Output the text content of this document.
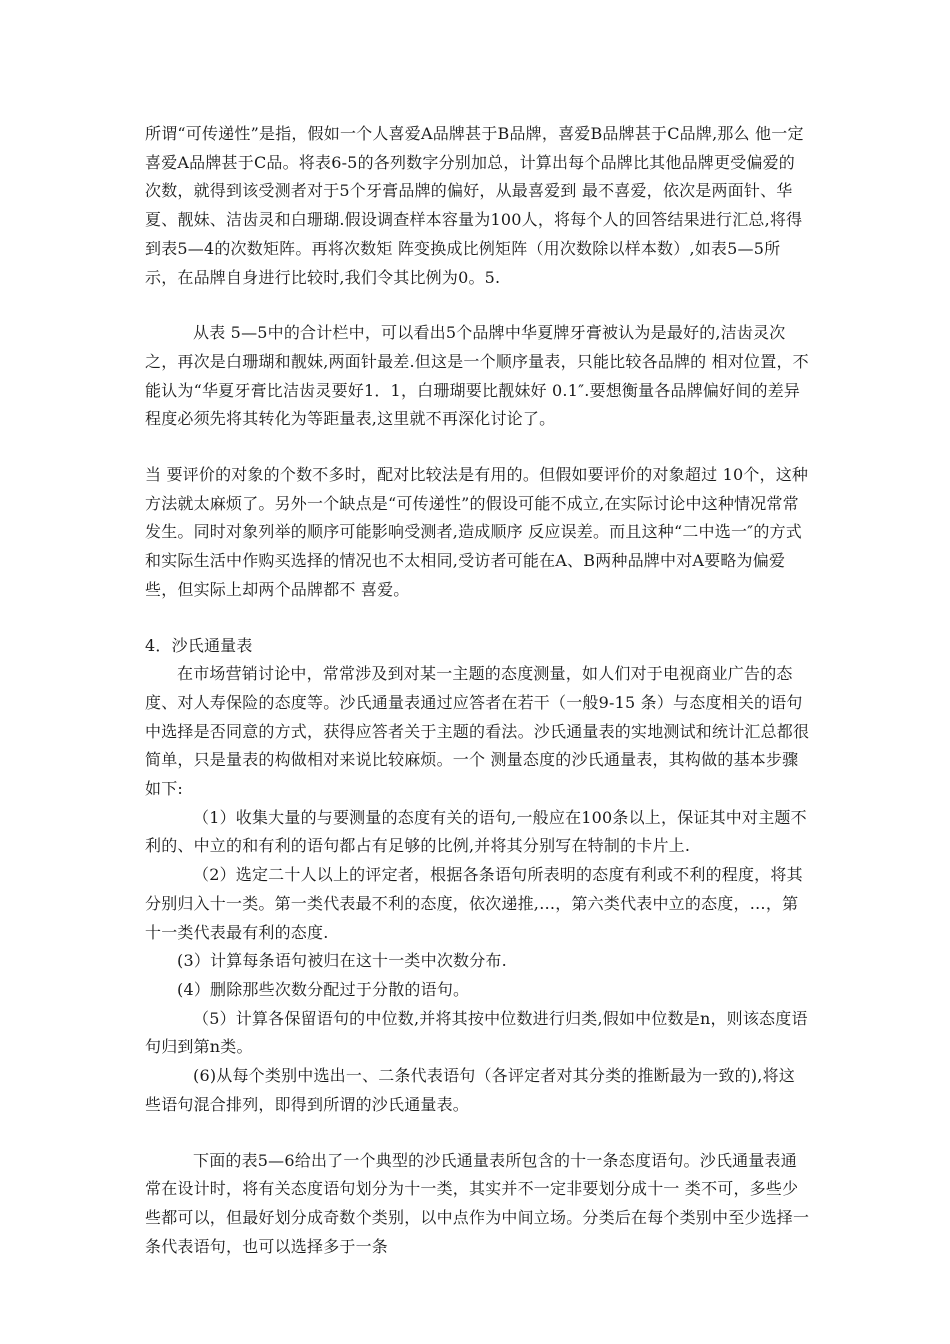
所谓“可传递性”是指，假如一个人喜爱A品牌甚于B品牌，喜爱B品牌甚于C品牌,那么 他一定喜爱A品牌甚于C品。将表6-5的各列数字分别加总，计算出每个品牌比其他品牌更受偏爱的次数，就得到该受测者对于5个牙膏品牌的偏好，从最喜爱到 最不喜爱，依次是两面针、华夏、靓妹、洁齿灵和白珊瑚.假设调查样本容量为100人，将每个人的回答结果进行汇总,将得到表5—4的次数矩阵。再将次数矩 阵变换成比例矩阵（用次数除以样本数）,如表5—5所示，在品牌自身进行比较时,我们令其比例为0。5.

从表 5—5中的合计栏中，可以看出5个品牌中华夏牌牙膏被认为是最好的,洁齿灵次之，再次是白珊瑚和靓妹,两面针最差.但这是一个顺序量表，只能比较各品牌的 相对位置，不能认为“华夏牙膏比洁齿灵要好1．1，白珊瑚要比靓妹好 0.1″.要想衡量各品牌偏好间的差异程度必须先将其转化为等距量表,这里就不再深化讨论了。

当 要评价的对象的个数不多时，配对比较法是有用的。但假如要评价的对象超过 10个，这种方法就太麻烦了。另外一个缺点是“可传递性”的假设可能不成立,在实际讨论中这种情况常常发生。同时对象列举的顺序可能影响受测者,造成顺序 反应误差。而且这种“二中选一″的方式和实际生活中作购买选择的情况也不太相同,受访者可能在A、B两种品牌中对A要略为偏爱些，但实际上却两个品牌都不 喜爱。

4．沙氏通量表

在市场营销讨论中，常常涉及到对某一主题的态度测量，如人们对于电视商业广告的态度、对人寿保险的态度等。沙氏通量表通过应答者在若干（一般9-15 条）与态度相关的语句中选择是否同意的方式，获得应答者关于主题的看法。沙氏通量表的实地测试和统计汇总都很简单，只是量表的构做相对来说比较麻烦。一个 测量态度的沙氏通量表，其构做的基本步骤如下:

（1）收集大量的与要测量的态度有关的语句,一般应在100条以上，保证其中对主题不利的、中立的和有利的语句都占有足够的比例,并将其分别写在特制的卡片上.

（2）选定二十人以上的评定者，根据各条语句所表明的态度有利或不利的程度，将其分别归入十一类。第一类代表最不利的态度，依次递推,…，第六类代表中立的态度，…，第十一类代表最有利的态度.

(3）计算每条语句被归在这十一类中次数分布.

(4）删除那些次数分配过于分散的语句。

（5）计算各保留语句的中位数,并将其按中位数进行归类,假如中位数是n，则该态度语句归到第n类。

(6)从每个类别中选出一、二条代表语句（各评定者对其分类的推断最为一致的),将这些语句混合排列，即得到所谓的沙氏通量表。

下面的表5—6给出了一个典型的沙氏通量表所包含的十一条态度语句。沙氏通量表通常在设计时，将有关态度语句划分为十一类，其实并不一定非要划分成十一 类不可，多些少些都可以，但最好划分成奇数个类别，以中点作为中间立场。分类后在每个类别中至少选择一条代表语句，也可以选择多于一条
